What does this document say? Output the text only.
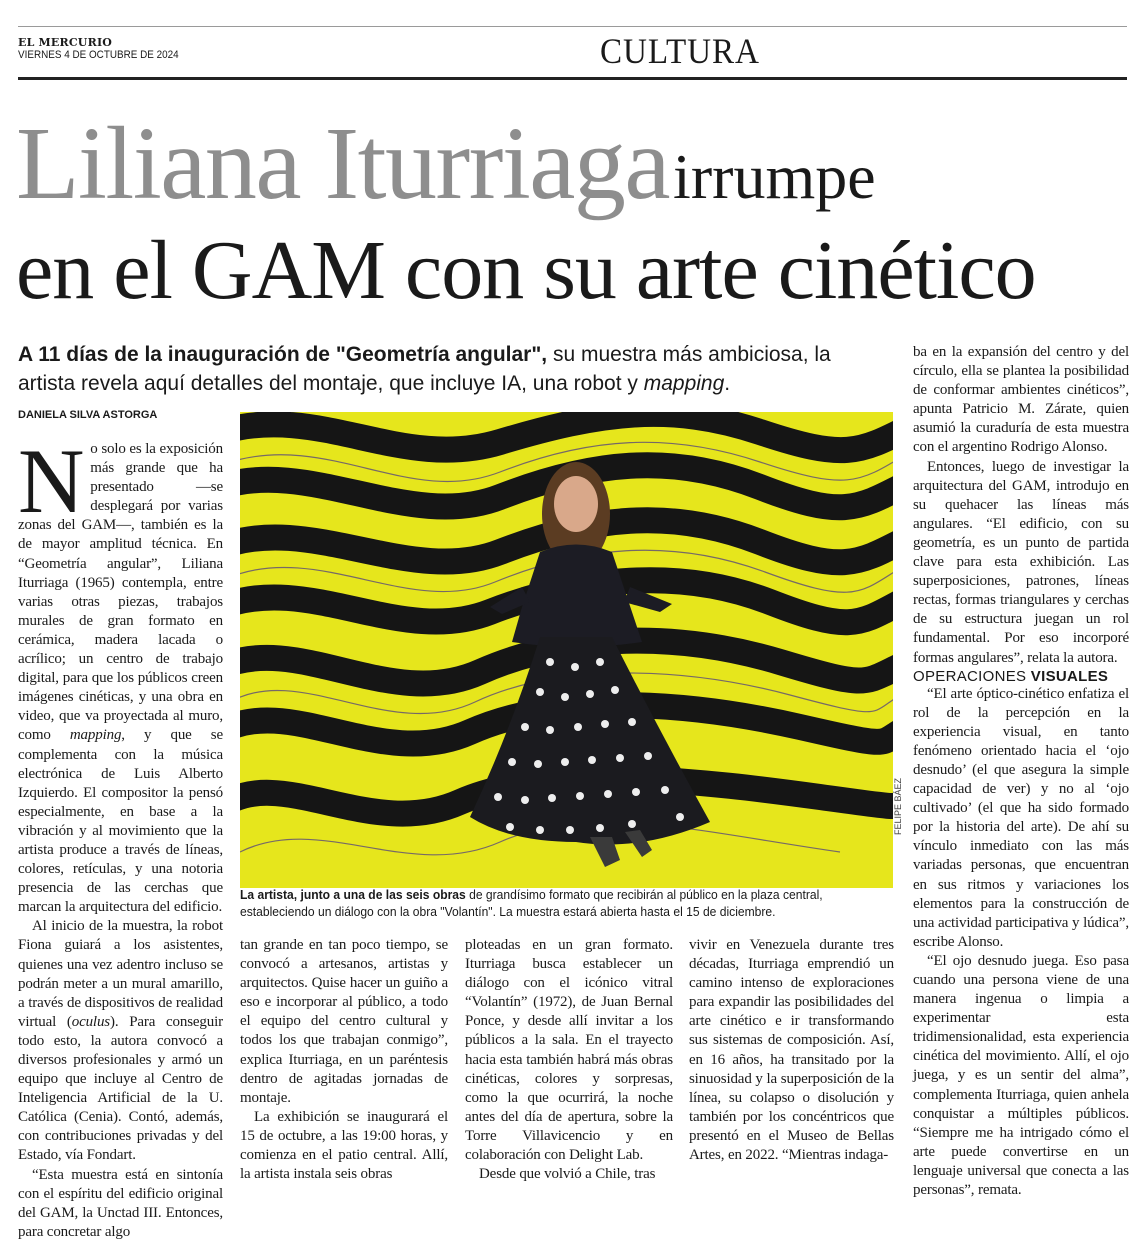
EL MERCURIO
VIERNES 4 DE OCTUBRE DE 2024	CULTURA
Liliana Iturriaga irrumpe
en el GAM con su arte cinético
A 11 días de la inauguración de "Geometría angular", su muestra más ambiciosa, la artista revela aquí detalles del montaje, que incluye IA, una robot y mapping.
DANIELA SILVA ASTORGA

No solo es la exposición más grande que ha presentado —se desplegará por varias zonas del GAM—, también es la de mayor amplitud técnica. En “Geometría angular”, Liliana Iturriaga (1965) contempla, entre varias otras piezas, trabajos murales de gran formato en cerámica, madera lacada o acrílico; un centro de trabajo digital, para que los públicos creen imágenes cinéticas, y una obra en video, que va proyectada al muro, como mapping, y que se complementa con la música electrónica de Luis Alberto Izquierdo. El compositor la pensó especialmente, en base a la vibración y al movimiento que la artista produce a través de líneas, colores, retículas, y una notoria presencia de las cerchas que marcan la arquitectura del edificio.

Al inicio de la muestra, la robot Fiona guiará a los asistentes, quienes una vez adentro incluso se podrán meter a un mural amarillo, a través de dispositivos de realidad virtual (oculus). Para conseguir todo esto, la autora convocó a diversos profesionales y armó un equipo que incluye al Centro de Inteligencia Artificial de la U. Católica (Cenia). Contó, además, con contribuciones privadas y del Estado, vía Fondart.

“Esta muestra está en sintonía con el espíritu del edificio original del GAM, la Unctad III. Entonces, para concretar algo

FELIPE BÁEZ
La artista, junto a una de las seis obras de grandísimo formato que recibirán al público en la plaza central, estableciendo un diálogo con la obra "Volantín". La muestra estará abierta hasta el 15 de diciembre.

tan grande en tan poco tiempo, se convocó a artesanos, artistas y arquitectos. Quise hacer un guiño a eso e incorporar al público, a todo el equipo del centro cultural y todos los que trabajan conmigo”, explica Iturriaga, en un paréntesis dentro de agitadas jornadas de montaje.

La exhibición se inaugurará el 15 de octubre, a las 19:00 horas, y comienza en el patio central. Allí, la artista instala seis obras

ploteadas en un gran formato. Iturriaga busca establecer un diálogo con el icónico vitral “Volantín” (1972), de Juan Bernal Ponce, y desde allí invitar a los públicos a la sala. En el trayecto hacia esta también habrá más obras cinéticas, colores y sorpresas, como la que ocurrirá, la noche antes del día de apertura, sobre la Torre Villavicencio y en colaboración con Delight Lab.

Desde que volvió a Chile, tras

vivir en Venezuela durante tres décadas, Iturriaga emprendió un camino intenso de exploraciones para expandir las posibilidades del arte cinético e ir transformando sus sistemas de composición. Así, en 16 años, ha transitado por la sinuosidad y la superposición de la línea, su colapso o disolución y también por los concéntricos que presentó en el Museo de Bellas Artes, en 2022. “Mientras indaga-

ba en la expansión del centro y del círculo, ella se plantea la posibilidad de conformar ambientes cinéticos”, apunta Patricio M. Zárate, quien asumió la curaduría de esta muestra con el argentino Rodrigo Alonso.

Entonces, luego de investigar la arquitectura del GAM, introdujo en su quehacer las líneas más angulares. “El edificio, con su geometría, es un punto de partida clave para esta exhibición. Las superposiciones, patrones, líneas rectas, formas triangulares y cerchas de su estructura juegan un rol fundamental. Por eso incorporé formas angulares”, relata la autora.

OPERACIONES VISUALES

“El arte óptico-cinético enfatiza el rol de la percepción en la experiencia visual, en tanto fenómeno orientado hacia el ‘ojo desnudo’ (el que asegura la simple capacidad de ver) y no al ‘ojo cultivado’ (el que ha sido formado por la historia del arte). De ahí su vínculo inmediato con las más variadas personas, que encuentran en sus ritmos y variaciones los elementos para la construcción de una actividad participativa y lúdica”, escribe Alonso.

“El ojo desnudo juega. Eso pasa cuando una persona viene de una manera ingenua o limpia a experimentar esta tridimensionalidad, esta experiencia cinética del movimiento. Allí, el ojo juega, y es un sentir del alma”, complementa Iturriaga, quien anhela conquistar a múltiples públicos. “Siempre me ha intrigado cómo el arte puede convertirse en un lenguaje universal que conecta a las personas”, remata.
